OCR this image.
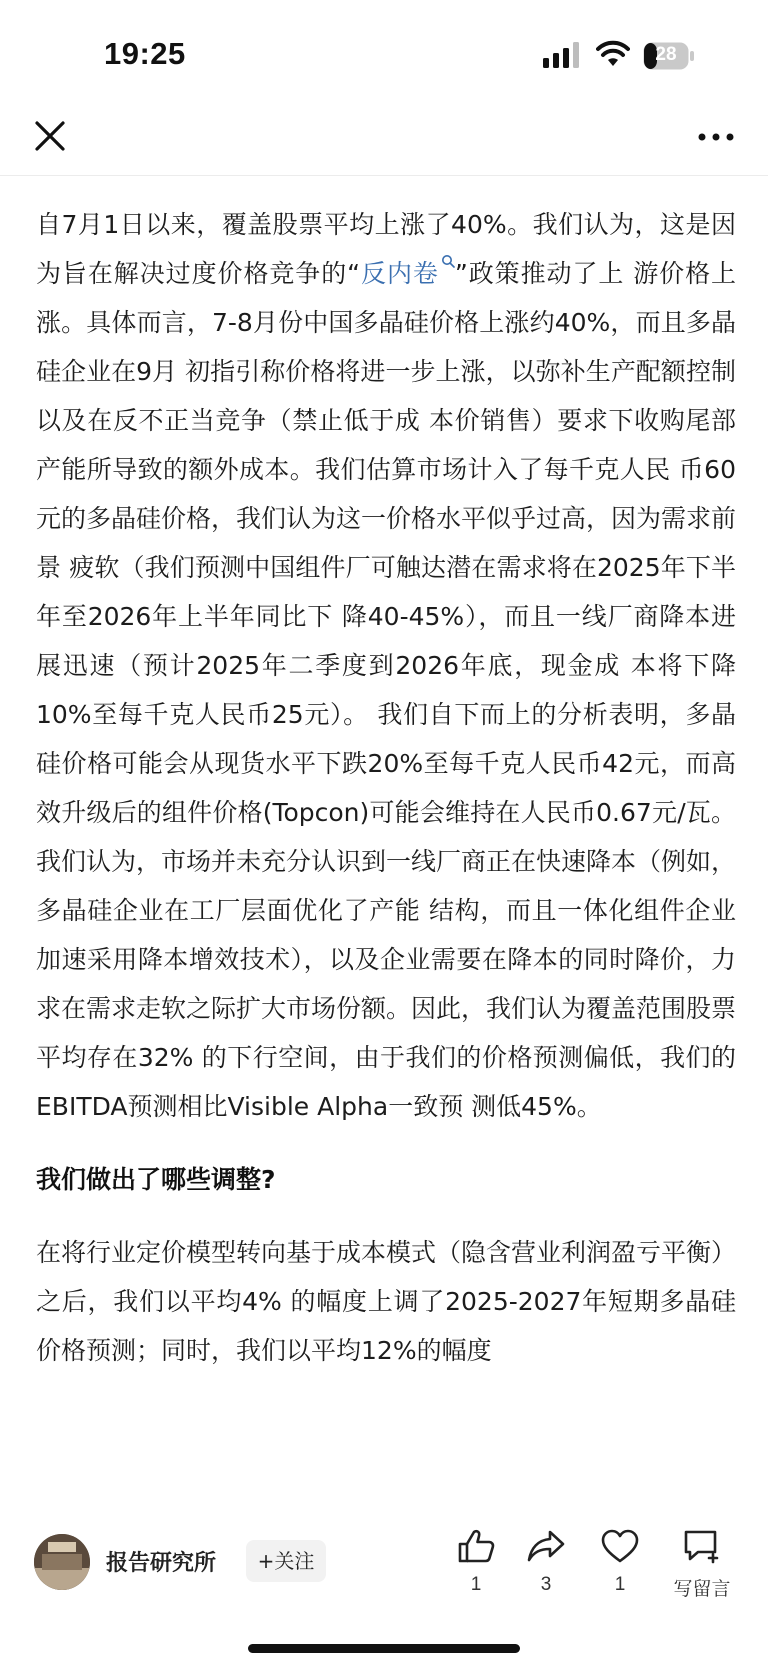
19:25	28

自7月1日以来，覆盖股票平均上涨了40%。我们认为，这是因为旨在解决过度价格竞争的“反内卷 ”政策推动了上 游价格上涨。具体而言，7-8月份中国多晶硅价格上涨约40%，而且多晶硅企业在9月 初指引称价格将进一步上涨，以弥补生产配额控制以及在反不正当竞争（禁止低于成 本价销售）要求下收购尾部产能所导致的额外成本。我们估算市场计入了每千克人民 币60元的多晶硅价格，我们认为这一价格水平似乎过高，因为需求前景 疲软（我们预测中国组件厂可触达潜在需求将在2025年下半年至2026年上半年同比下 降40-45%），而且一线厂商降本进展迅速（预计2025年二季度到2026年底，现金成 本将下降10%至每千克人民币25元）。 我们自下而上的分析表明，多晶硅价格可能会从现货水平下跌20%至每千克人民币42元，而高效升级后的组件价格(Topcon)可能会维持在人民币0.67元/瓦。我们认为，市场并未充分认识到一线厂商正在快速降本（例如，多晶硅企业在工厂层面优化了产能 结构，而且一体化组件企业加速采用降本增效技术），以及企业需要在降本的同时降价，力求在需求走软之际扩大市场份额。因此，我们认为覆盖范围股票平均存在32% 的下行空间，由于我们的价格预测偏低，我们的EBITDA预测相比Visible Alpha一致预 测低45%。

我们做出了哪些调整?

在将行业定价模型转向基于成本模式（隐含营业利润盈亏平衡）之后，我们以平均4% 的幅度上调了2025-2027年短期多晶硅价格预测；同时，我们以平均12%的幅度

报告研究所	+关注
1	3	1	写留言
